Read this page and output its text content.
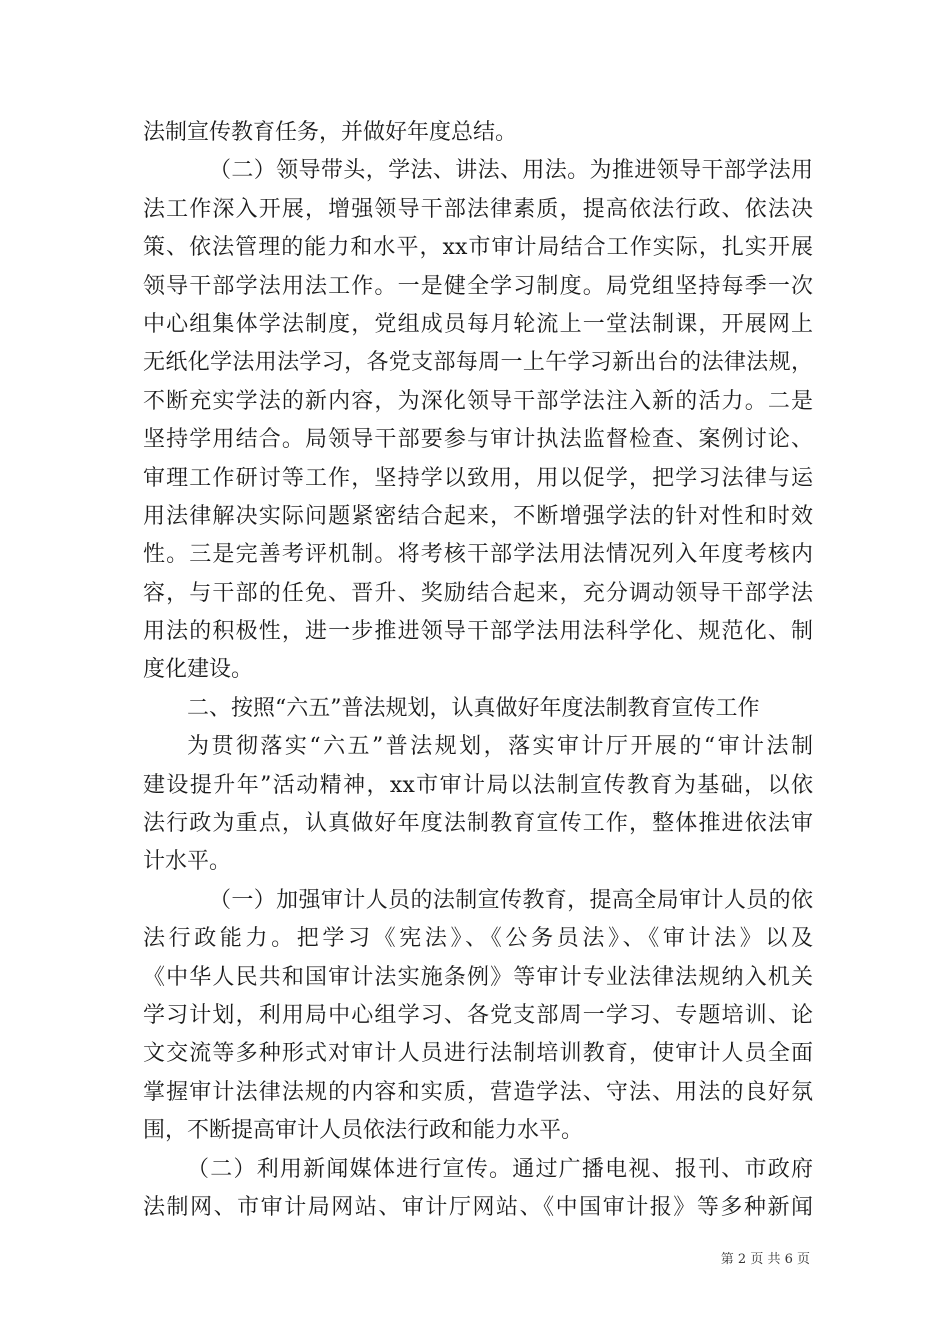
法制宣传教育任务，并做好年度总结。
（二）领导带头，学法、讲法、用法。为推进领导干部学法用
法工作深入开展，增强领导干部法律素质，提高依法行政、依法决
策、依法管理的能力和水平，xx市审计局结合工作实际，扎实开展
领导干部学法用法工作。一是健全学习制度。局党组坚持每季一次
中心组集体学法制度，党组成员每月轮流上一堂法制课，开展网上
无纸化学法用法学习，各党支部每周一上午学习新出台的法律法规，
不断充实学法的新内容，为深化领导干部学法注入新的活力。二是
坚持学用结合。局领导干部要参与审计执法监督检查、案例讨论、
审理工作研讨等工作，坚持学以致用，用以促学，把学习法律与运
用法律解决实际问题紧密结合起来，不断增强学法的针对性和时效
性。三是完善考评机制。将考核干部学法用法情况列入年度考核内
容，与干部的任免、晋升、奖励结合起来，充分调动领导干部学法
用法的积极性，进一步推进领导干部学法用法科学化、规范化、制
度化建设。
二、按照“六五”普法规划，认真做好年度法制教育宣传工作
为贯彻落实“六五”普法规划，落实审计厅开展的“审计法制
建设提升年”活动精神，xx市审计局以法制宣传教育为基础，以依
法行政为重点，认真做好年度法制教育宣传工作，整体推进依法审
计水平。
（一）加强审计人员的法制宣传教育，提高全局审计人员的依
法行政能力。把学习《宪法》、《公务员法》、《审计法》以及
《中华人民共和国审计法实施条例》等审计专业法律法规纳入机关
学习计划，利用局中心组学习、各党支部周一学习、专题培训、论
文交流等多种形式对审计人员进行法制培训教育，使审计人员全面
掌握审计法律法规的内容和实质，营造学法、守法、用法的良好氛
围，不断提高审计人员依法行政和能力水平。
（二）利用新闻媒体进行宣传。通过广播电视、报刊、市政府
法制网、市审计局网站、审计厅网站、《中国审计报》等多种新闻
第 2 页 共 6 页
